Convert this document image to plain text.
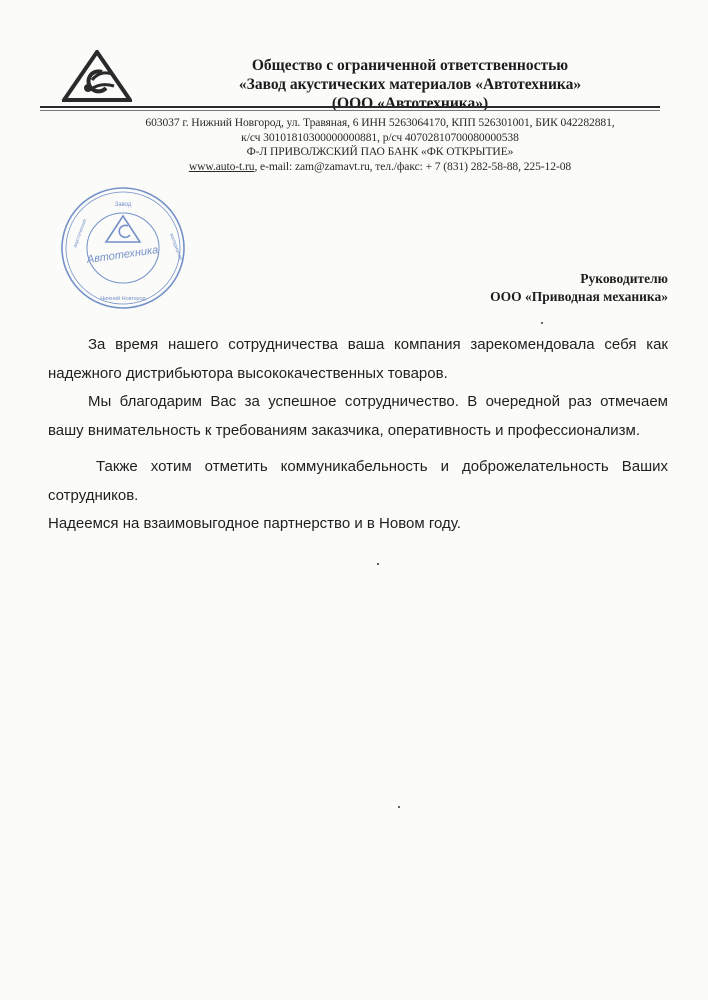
Общество с ограниченной ответственностью
«Завод акустических материалов «Автотехника»
(ООО «Автотехника»)
603037 г. Нижний Новгород, ул. Травяная, 6 ИНН 5263064170, КПП 526301001, БИК 042282881,
к/сч 30101810300000000881, р/сч 40702810700080000538
Ф-Л ПРИВОЛЖСКИЙ ПАО БАНК «ФК ОТКРЫТИЕ»
www.auto-t.ru, e-mail: zam@zamavt.ru, тел./факс: + 7 (831) 282-58-88, 225-12-08
Завод
Нижний Новгород
акустических	материалов
Автотехника
Руководителю
ООО «Приводная механика»

За время нашего сотрудничества ваша компания зарекомендовала себя как надежного дистрибьютора высококачественных товаров.

Мы благодарим Вас за успешное сотрудничество. В очередной раз отмечаем вашу внимательность к требованиям заказчика, оперативность и профессионализм.

Также хотим отметить коммуникабельность и доброжелательность Ваших сотрудников.

Надеемся на взаимовыгодное партнерство и в Новом году.
